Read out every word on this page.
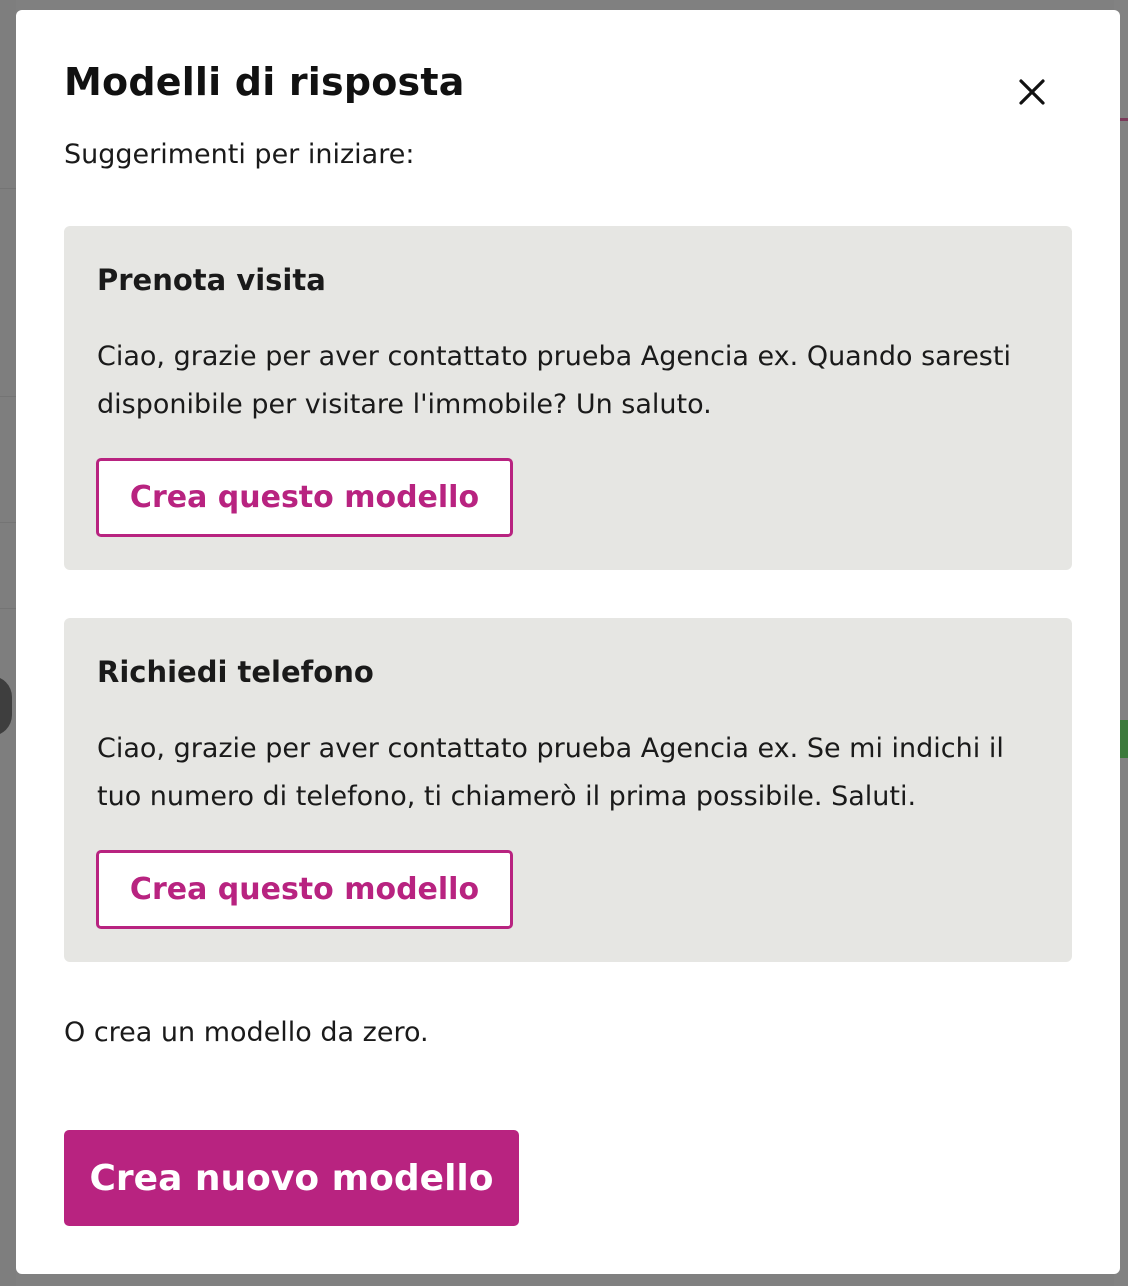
Modelli di risposta

Suggerimenti per iniziare:

Prenota visita

Ciao, grazie per aver contattato prueba Agencia ex. Quando saresti disponibile per visitare l'immobile? Un saluto.

Crea questo modello
Richiedi telefono

Ciao, grazie per aver contattato prueba Agencia ex. Se mi indichi il tuo numero di telefono, ti chiamerò il prima possibile. Saluti.

Crea questo modello

O crea un modello da zero.

Crea nuovo modello
